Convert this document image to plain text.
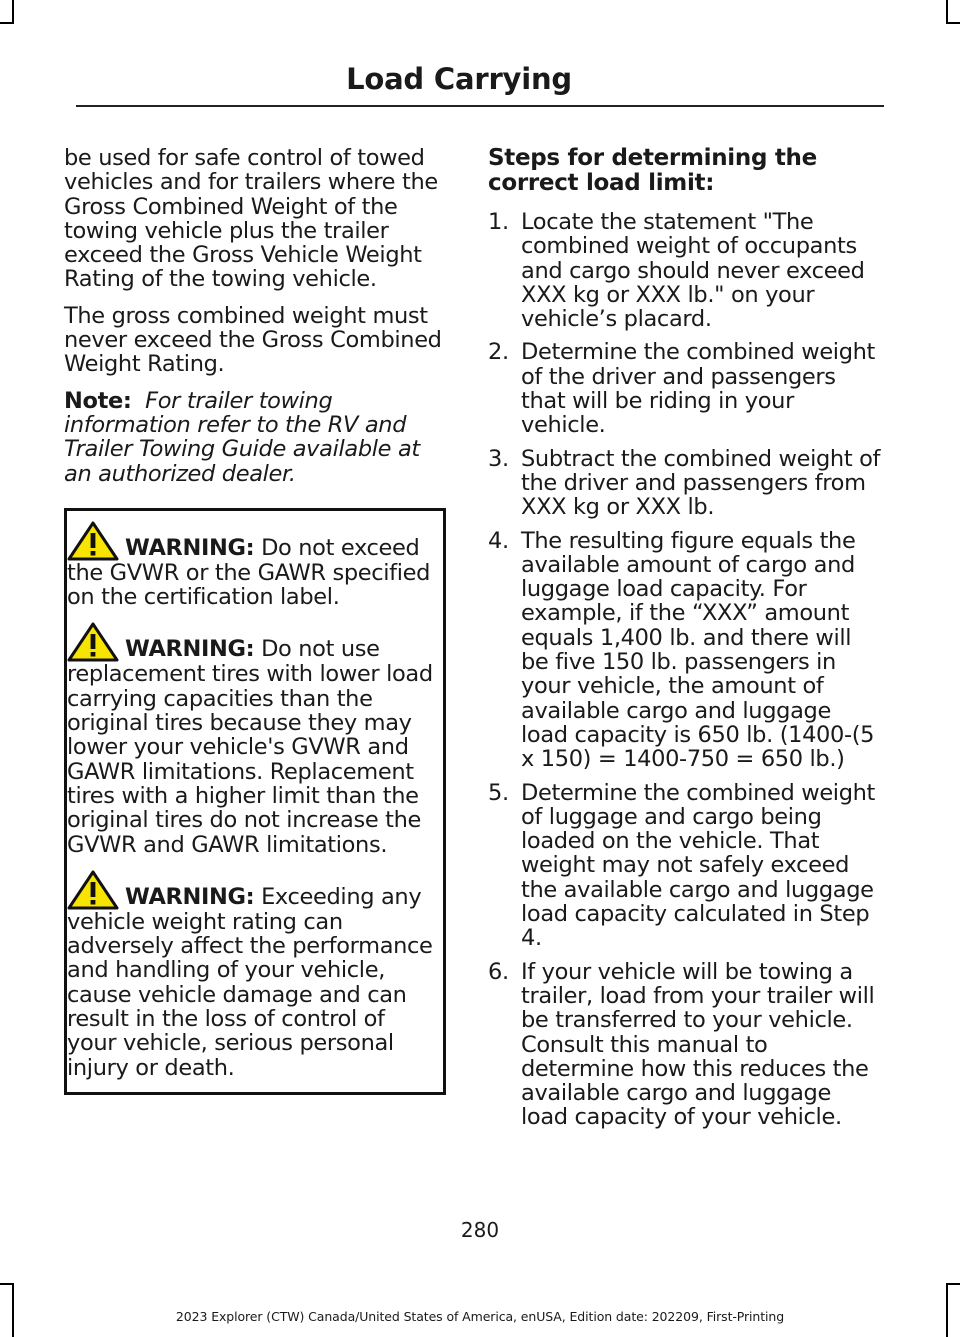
Load Carrying

be used for safe control of towed vehicles and for trailers where the Gross Combined Weight of the towing vehicle plus the trailer exceed the Gross Vehicle Weight Rating of the towing vehicle.

The gross combined weight must never exceed the Gross Combined Weight Rating.

Note: For trailer towing information refer to the RV and Trailer Towing Guide available at an authorized dealer.

WARNING: Do not exceed the GVWR or the GAWR specified on the certification label.
WARNING: Do not use replacement tires with lower load carrying capacities than the original tires because they may lower your vehicle's GVWR and GAWR limitations. Replacement tires with a higher limit than the original tires do not increase the GVWR and GAWR limitations.
WARNING: Exceeding any vehicle weight rating can adversely affect the performance and handling of your vehicle, cause vehicle damage and can result in the loss of control of your vehicle, serious personal injury or death.
Steps for determining the correct load limit:
1. Locate the statement "The combined weight of occupants and cargo should never exceed XXX kg or XXX lb." on your vehicle’s placard.
2. Determine the combined weight of the driver and passengers that will be riding in your vehicle.
3. Subtract the combined weight of the driver and passengers from XXX kg or XXX lb.
4. The resulting figure equals the available amount of cargo and luggage load capacity. For example, if the “XXX” amount equals 1,400 lb. and there will be five 150 lb. passengers in your vehicle, the amount of available cargo and luggage load capacity is 650 lb. (1400-(5 x 150) = 1400-750 = 650 lb.)
5. Determine the combined weight of luggage and cargo being loaded on the vehicle. That weight may not safely exceed the available cargo and luggage load capacity calculated in Step 4.
6. If your vehicle will be towing a trailer, load from your trailer will be transferred to your vehicle. Consult this manual to determine how this reduces the available cargo and luggage load capacity of your vehicle.
280
2023 Explorer (CTW) Canada/United States of America, enUSA, Edition date: 202209, First-Printing
